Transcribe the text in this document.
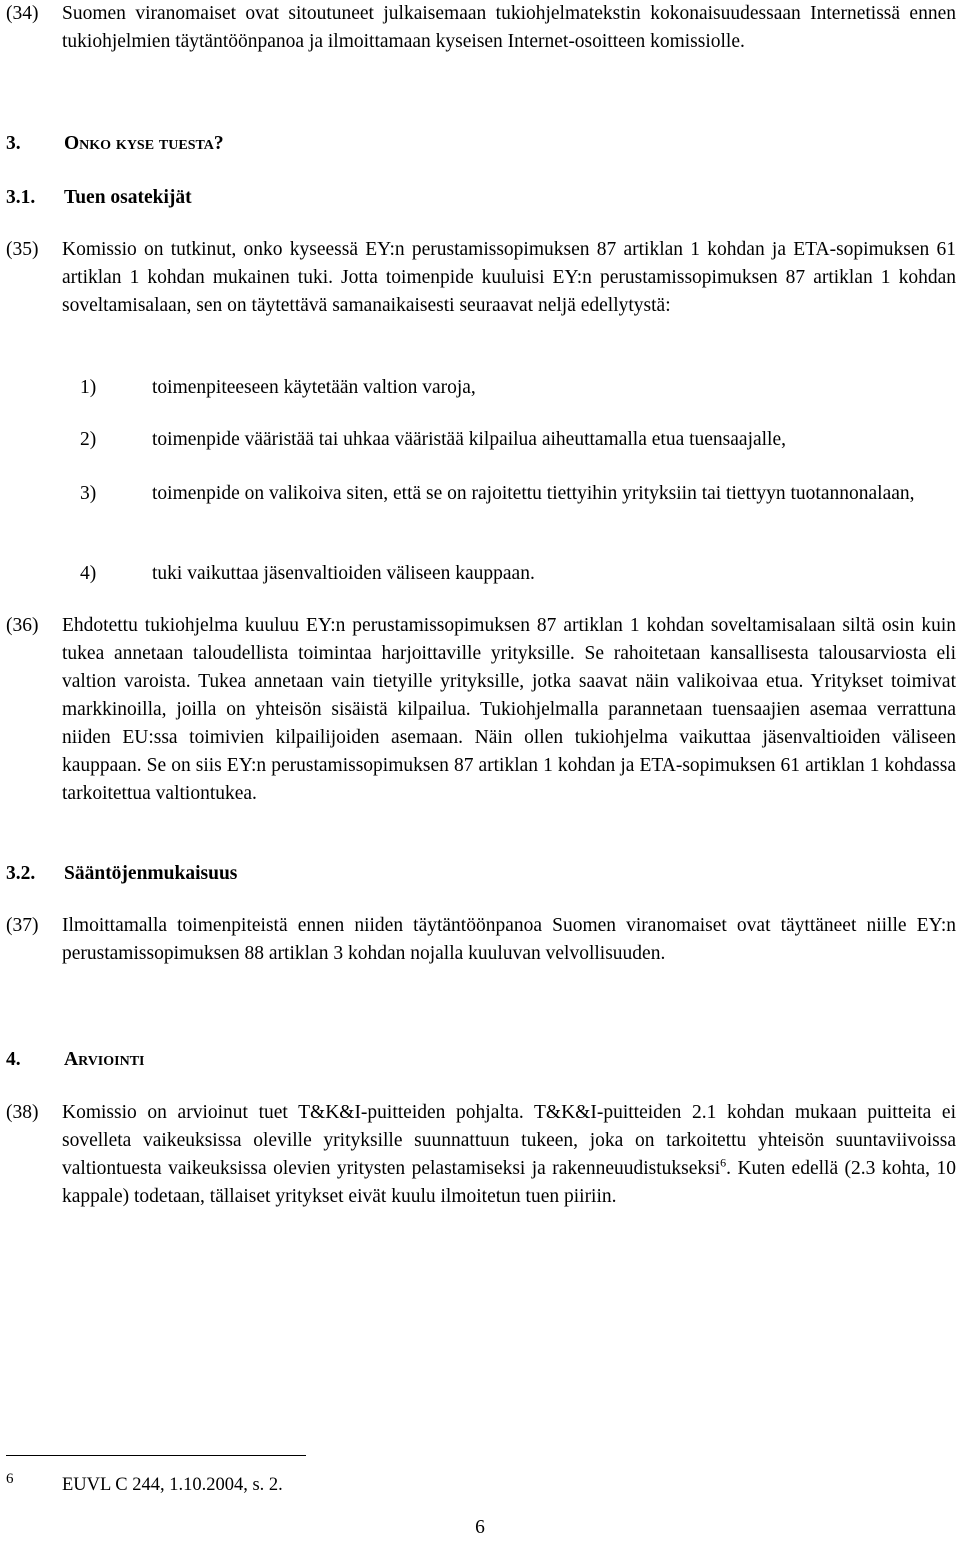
(34)	Suomen viranomaiset ovat sitoutuneet julkaisemaan tukiohjelmatekstin kokonaisuudessaan Internetissä ennen tukiohjelmien täytäntöönpanoa ja ilmoittamaan kyseisen Internet-osoitteen komissiolle.
3.	Onko kyse tuesta?
3.1.	Tuen osatekijät
(35)	Komissio on tutkinut, onko kyseessä EY:n perustamissopimuksen 87 artiklan 1 kohdan ja ETA-sopimuksen 61 artiklan 1 kohdan mukainen tuki. Jotta toimenpide kuuluisi EY:n perustamissopimuksen 87 artiklan 1 kohdan soveltamisalaan, sen on täytettävä samanaikaisesti seuraavat neljä edellytystä:
1)	toimenpiteeseen käytetään valtion varoja,
2)	toimenpide vääristää tai uhkaa vääristää kilpailua aiheuttamalla etua tuensaajalle,
3)	toimenpide on valikoiva siten, että se on rajoitettu tiettyihin yrityksiin tai tiettyyn tuotannonalaan,
4)	tuki vaikuttaa jäsenvaltioiden väliseen kauppaan.
(36)	Ehdotettu tukiohjelma kuuluu EY:n perustamissopimuksen 87 artiklan 1 kohdan soveltamisalaan siltä osin kuin tukea annetaan taloudellista toimintaa harjoittaville yrityksille. Se rahoitetaan kansallisesta talousarviosta eli valtion varoista. Tukea annetaan vain tietyille yrityksille, jotka saavat näin valikoivaa etua. Yritykset toimivat markkinoilla, joilla on yhteisön sisäistä kilpailua. Tukiohjelmalla parannetaan tuensaajien asemaa verrattuna niiden EU:ssa toimivien kilpailijoiden asemaan. Näin ollen tukiohjelma vaikuttaa jäsenvaltioiden väliseen kauppaan. Se on siis EY:n perustamissopimuksen 87 artiklan 1 kohdan ja ETA-sopimuksen 61 artiklan 1 kohdassa tarkoitettua valtiontukea.
3.2.	Sääntöjenmukaisuus
(37)	Ilmoittamalla toimenpiteistä ennen niiden täytäntöönpanoa Suomen viranomaiset ovat täyttäneet niille EY:n perustamissopimuksen 88 artiklan 3 kohdan nojalla kuuluvan velvollisuuden.
4.	Arviointi
(38)	Komissio on arvioinut tuet T&K&I-puitteiden pohjalta. T&K&I-puitteiden 2.1 kohdan mukaan puitteita ei sovelleta vaikeuksissa oleville yrityksille suunnattuun tukeen, joka on tarkoitettu yhteisön suuntaviivoissa valtiontuesta vaikeuksissa olevien yritysten pelastamiseksi ja rakenneuudistukseksi$^6$. Kuten edellä (2.3 kohta, 10 kappale) todetaan, tällaiset yritykset eivät kuulu ilmoitetun tuen piiriin.
6	EUVL C 244, 1.10.2004, s. 2.
6
